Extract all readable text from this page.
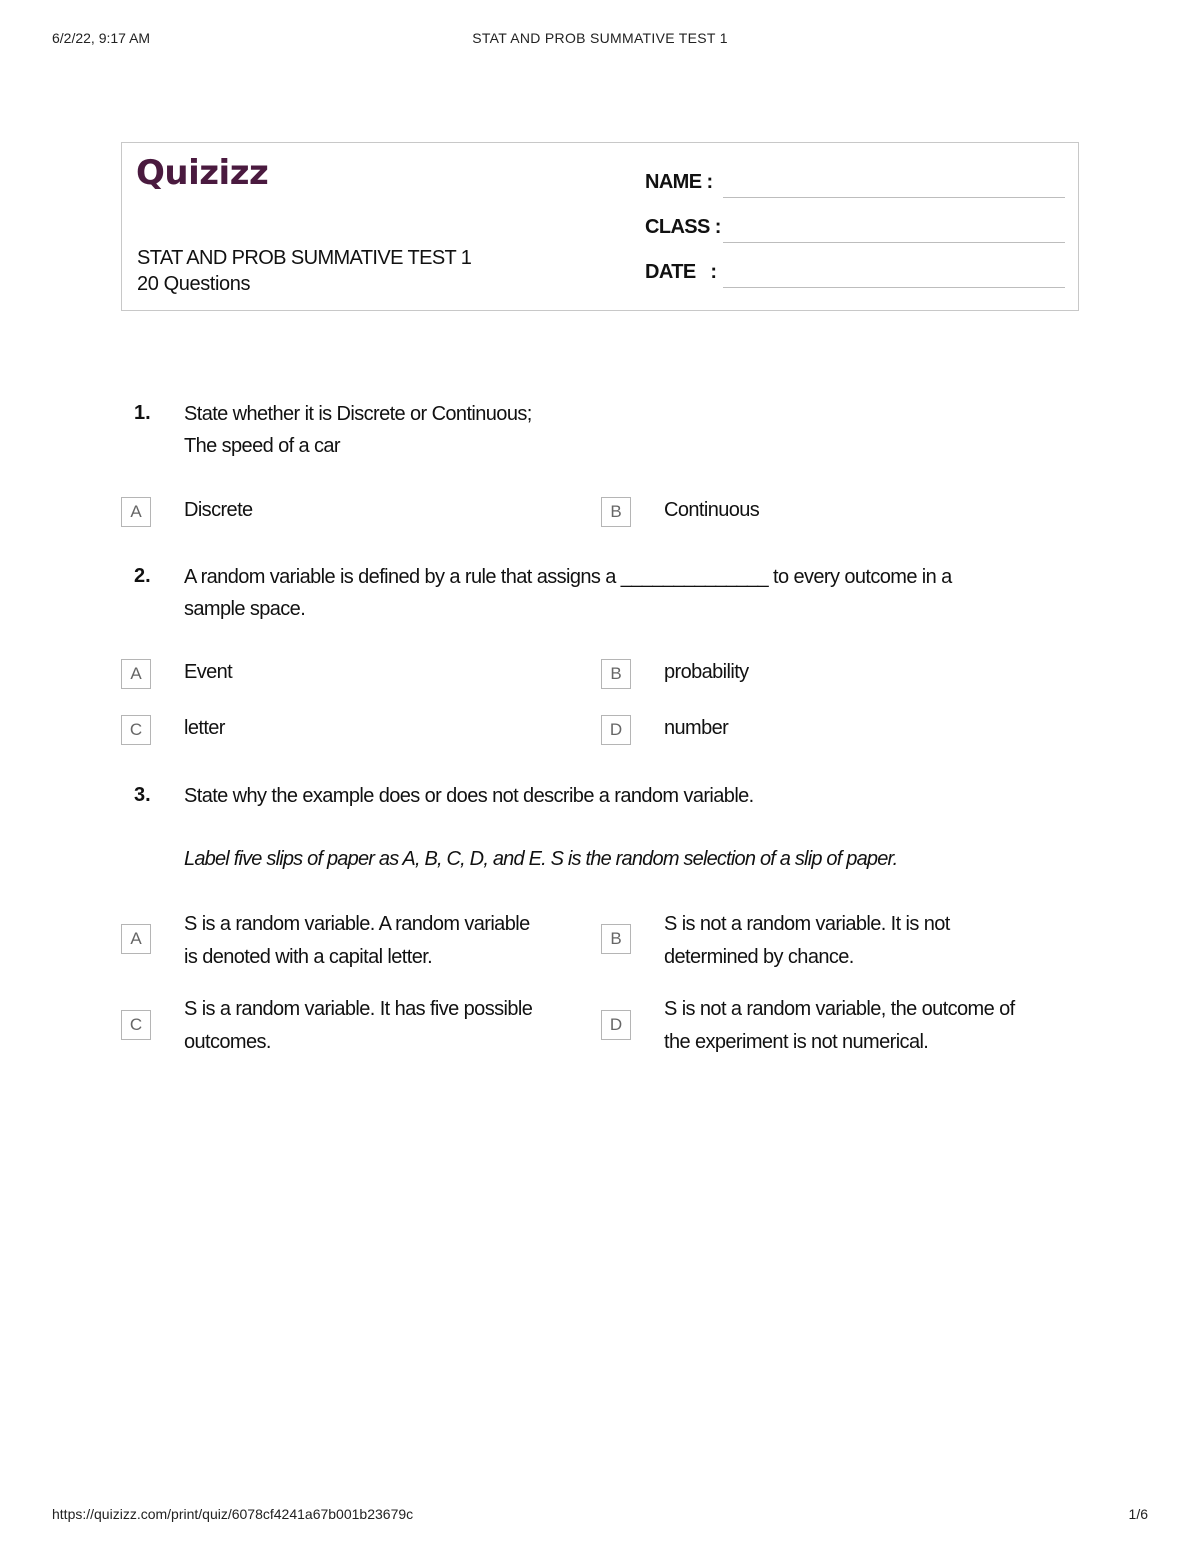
6/2/22, 9:17 AM	STAT AND PROB SUMMATIVE TEST 1
Quizizz
STAT AND PROB SUMMATIVE TEST 1
20 Questions
NAME :
CLASS :
DATE   :
1. State whether it is Discrete or Continuous;
The speed of a car
A	Discrete	B	Continuous
2. A random variable is defined by a rule that assigns a ______________ to every outcome in a
sample space.
A	Event	B	probability
C	letter	D	number
3. State why the example does or does not describe a random variable.
Label five slips of paper as A, B, C, D, and E. S is the random selection of a slip of paper.
A
S is a random variable. A random variable
is denoted with a capital letter.
B
S is not a random variable. It is not
determined by chance.
C
S is a random variable. It has five possible
outcomes.
D
S is not a random variable, the outcome of
the experiment is not numerical.
https://quizizz.com/print/quiz/6078cf4241a67b001b23679c	1/6
